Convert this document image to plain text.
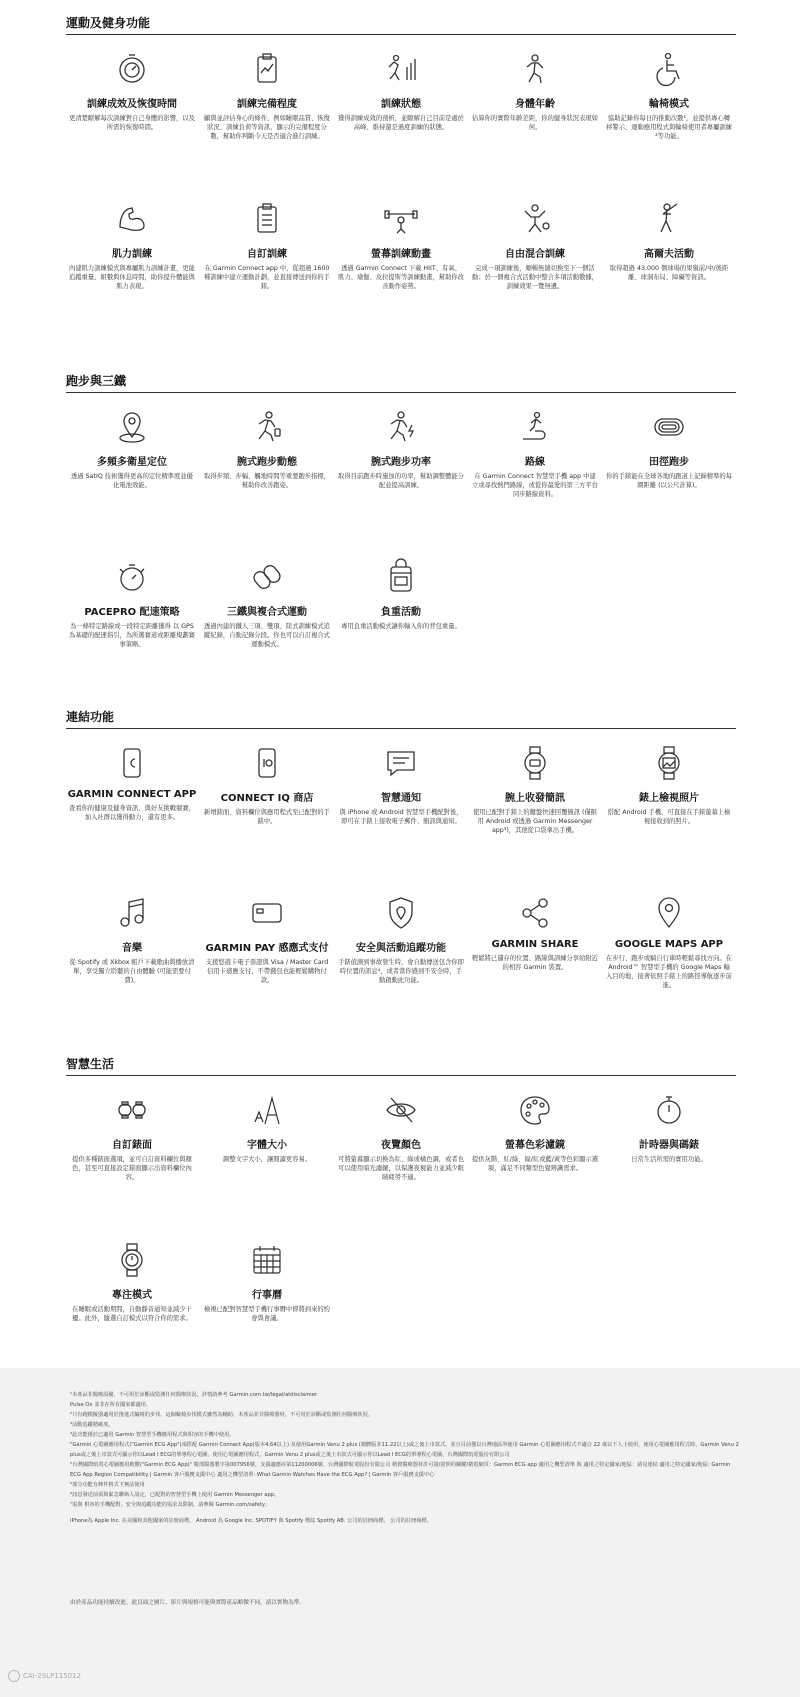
運動及健身功能
訓練成效及恢復時間
更清楚瞭解每次訓練對自己身體的影響，以及所需的恢復時間。
訓練完備程度
顧與並評估身心的條件，例如睡眠品質、恢復狀況、訓練負荷等資訊，顯示的完備程度分數，幫助你判斷今天是否適合進行訓練。
訓練狀態
獲得訓練成效的剖析，並瞭解自己目前是處於高峰、維持還是過度訓練的狀態。
身體年齡
估算你的實際年齡差距，你的健身狀況表現如何。
輪椅模式
協助記錄你每日的推動次數¹，並提供專心轉移警示、運動應用程式與輪椅使用者專屬訓練²等功能。
肌力訓練
內建肌力訓練模式與專屬肌力訓練計畫，更能追蹤重量、組數與休息時間，助你提升體能與肌力表現。
自訂訓練
在 Garmin Connect app 中，從超過 1600 種訓練中建立運動計劃，並直接傳送到你的手錶。
螢幕訓練動畫
透過 Garmin Connect 下載 HIIT、有氧、肌力、瑜伽、皮拉提斯等訓練動畫，幫助你改善動作姿勢。
自由混合訓練
完成一項訓練後，順暢無縫切換至下一個活動；於一個複合式活動中整合多項活動數據，訓練效果一覽無遺。
高爾夫活動
取得超過 43,000 個球場的果嶺前/中/後距離、球洞布局、障礙等資訊。
跑步與三鐵
多頻多衛星定位
透過 SatIQ 技術獲得更高的定位精準度並優化電池效能。
腕式跑步動態
取得步頻、步幅、觸地時間等重要跑步指標，幫助你改善跑姿。
腕式跑步功率
取得目前跑步時施加的功率，幫助調整體能分配並提高訓練。
路線
在 Garmin Connect 智慧型手機 app 中建立或尋找熱門路線，或從你最愛的第三方平台同步路線資料。
田徑跑步
你的手錶能在全球各地的跑道上記錄精準的每圈距離 (以公尺計算)。
PACEPRO 配速策略
為一條特定路線或一段特定距離獲得 以 GPS 為基礎的配速指引，為所選賽道或距離規劃賽事策略。
三鐵與複合式運動
透過內建的鐵人三項、雙項、陸式訓練模式追蹤紀錄，自動記錄分段。你也可以自訂複合式運動模式。
負重活動
專用負重活動模式讓你輸入你的背包重量。
連結功能
GARMIN CONNECT APP
查看你的健康及健身資訊、與好友挑戰競賽，加入社群以獲得動力，還有更多。
CONNECT IQ 商店
新增錶面、資料欄位與應用程式至已配對的手錶中。
智慧通知
與 iPhone 或 Android 智慧型手機配對後，即可在手錶上接收電子郵件、簡訊與通知。
腕上收發簡訊
使用已配對手錶上的鍵盤快速回覆簡訊 (僅限用 Android 或透過 Garmin Messenger app³)，其他從口袋拿出手機。
錶上檢視照片
搭配 Android 手機，可直接在手錶螢幕上檢視接收到的照片。
音樂
從 Spotify 或 Xkbox 帳戶下載歌曲與播放清單，享受獨立聆聽的自由體驗 (可能需要付費)。
GARMIN PAY 感應式支付
支援悠遊卡電子票證與 Visa / Master Card 信用卡感應支付，不帶錢包也能輕鬆購物付款。
安全與活動追蹤功能
手錶偵測到事故發生時，會自動傳送包含你即時位置的訊息⁴，或者當你感到不安全時，手動啟動此功能。
GARMIN SHARE
輕鬆將已儲存的位置、路線與訓練分享給附近的相容 Garmin 裝置。
GOOGLE MAPS APP
在步行、跑步或騎自行車時輕鬆尋找方向。在 Android™ 智慧型手機的 Google Maps 輸入目的地，接著依照手錶上的路徑導航逐步前進。
智慧生活
自訂錶面
提供多種錶面選項，並可自訂資料欄位與顏色，甚至可直接設定錶面顯示出資料欄位內容。
字體大小
調整文字大小，讓閱讀更容易。
夜覽顏色
可將螢幕顯示切換為紅、綠或橘色調，或者也可以使用暗光濾鏡，以保護夜視能力並減少眼睛疲勞不適。
螢幕色彩濾鏡
提供灰階、紅/綠、綠/紅或藍/黃等色彩顯示選項，滿足不同類型色覺辨識需求。
計時器與碼錶
日常生活所需的實用功能。
專注模式
在睡眠或活動期間，自動靜音通知並減少干擾。此外，隨選自訂模式以符合你的需求。
行事曆
檢視已配對智慧型手機行事曆中即將到來的約會與會議。
¹本產品非醫療設備，不可用於診斷或監測任何醫療狀況。詳情請參考 Garmin.com.tw/legal/atdisclaimer
Pulse Ox 並非在所有國家都適用。
²只有跑模擬器適用於推進式輪椅的步伐。這個輪椅步伐模式雖然為輔助，本產品並非醫療器材，不可用於診斷或監測任何醫療狀況。
³活動追蹤精確度。
⁴此功能僅於已適用 Garmin 智慧型手機應用程式與相容的手機中使用。
"Garmin 心電圖應用程式("Garmin ECG App")須搭配 Garmin Connect App(版本4.64以上) 及使用Garmin Venu 2 plus (韌體版本11.22以上)或之後上市款式。並且目前僅以台灣地區所使用 Garmin 心電圖應用程式不適合 22 歲以下人士使用，使用心電圖應用程式時，Garmin Venu 2 plus或之後上市款式可顯示你以Lead I ECG的單導程心電圖。使用心電圖應用程式，Garmin Venu 2 plus或之後上市款式可顯示你以Lead I ECG的單導程心電圖。台灣國際航電股份有限公司
"台灣國際航電心電圖應用軟體("Garmin ECG App)" 衛部醫器製字第007956號，支援適應症第11200006號。台灣國際航電股份有限公司 精資醫療器材許可證/證照的關鍵/衛電網頁：Garmin ECG app 適用之機型清單 與 適用之特定國家/地區：請見連結 適用之特定國家/地區: Garmin ECG App Region Compatibility | Garmin 客戶服務支援中心 適用之機型清單: What Garmin Watches Have the ECG App? | Garmin 客戶服務支援中心
⁵部分功能有條件格式下無法使用
⁶訊息發送前須與緊急聯絡人設定，已配對的智慧型手機上使用 Garmin Messenger app。
⁷需與 相容的手機配對，安全與追蹤功能的需求及限制，請參閱 Garmin.com/safety。
iPhone為 Apple Inc. 在美國和其他國家的註冊商標。 Android 為 Google Inc. SPOTIFY 與 Spotify 標誌 Spotify AB. 公司的註冊商標。 公司的註冊商標。
由於產品功能持續改進，此頁面之圖片、影片與規格可能與實際產品略微不同，請以實物為準。
CAI-2SLP115012
